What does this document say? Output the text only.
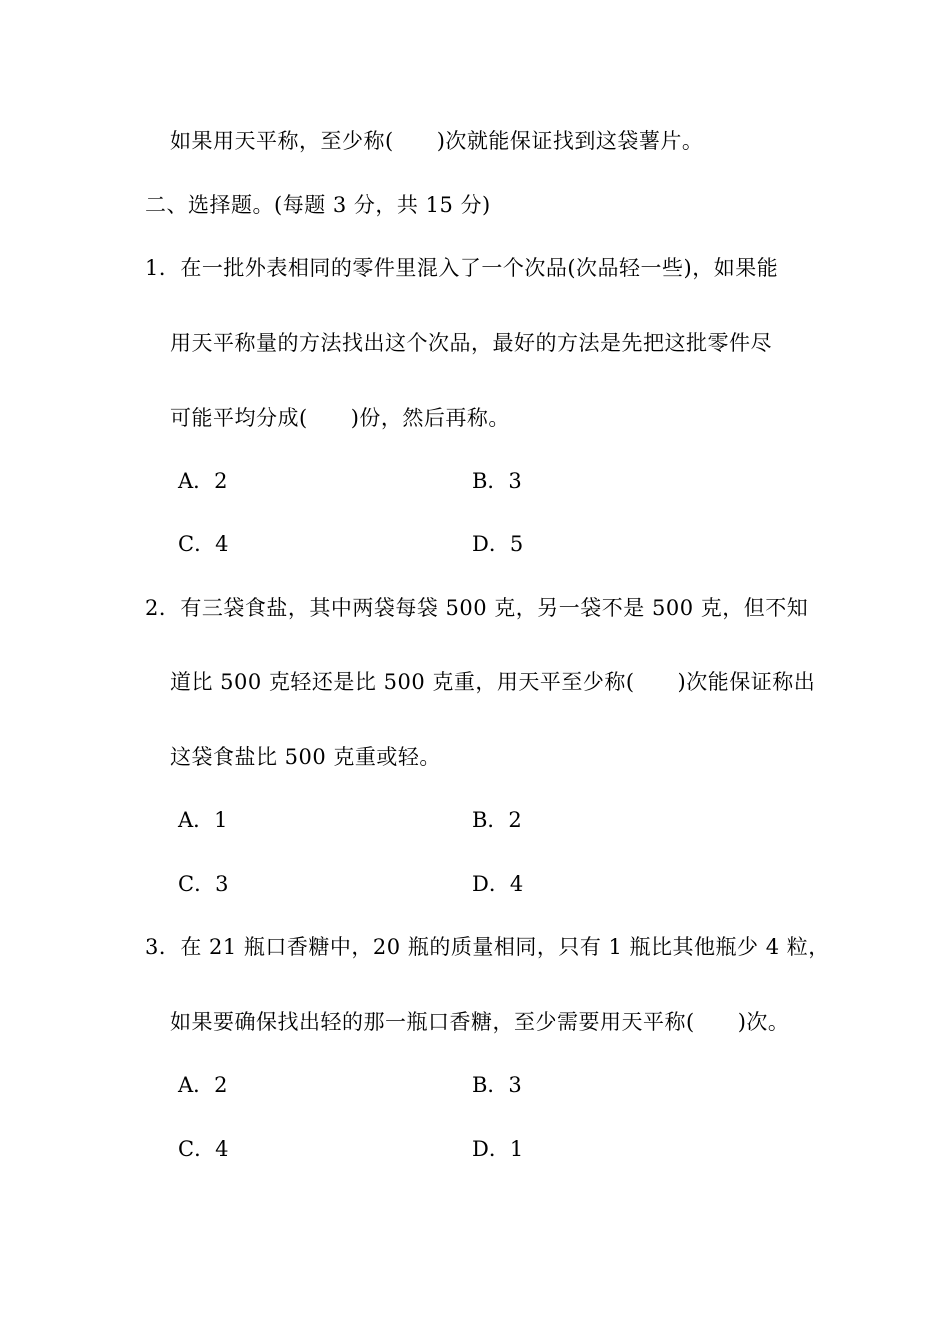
如果用天平称，至少称(　　)次就能保证找到这袋薯片。
二、选择题。(每题 3 分，共 15 分)
1．在一批外表相同的零件里混入了一个次品(次品轻一些)，如果能
用天平称量的方法找出这个次品，最好的方法是先把这批零件尽
可能平均分成(　　)份，然后再称。
A．2	B．3
C．4	D．5
2．有三袋食盐，其中两袋每袋 500 克，另一袋不是 500 克，但不知
道比 500 克轻还是比 500 克重，用天平至少称(　　)次能保证称出
这袋食盐比 500 克重或轻。
A．1	B．2
C．3	D．4
3．在 21 瓶口香糖中，20 瓶的质量相同，只有 1 瓶比其他瓶少 4 粒，
如果要确保找出轻的那一瓶口香糖，至少需要用天平称(　　)次。
A．2	B．3
C．4	D．1
